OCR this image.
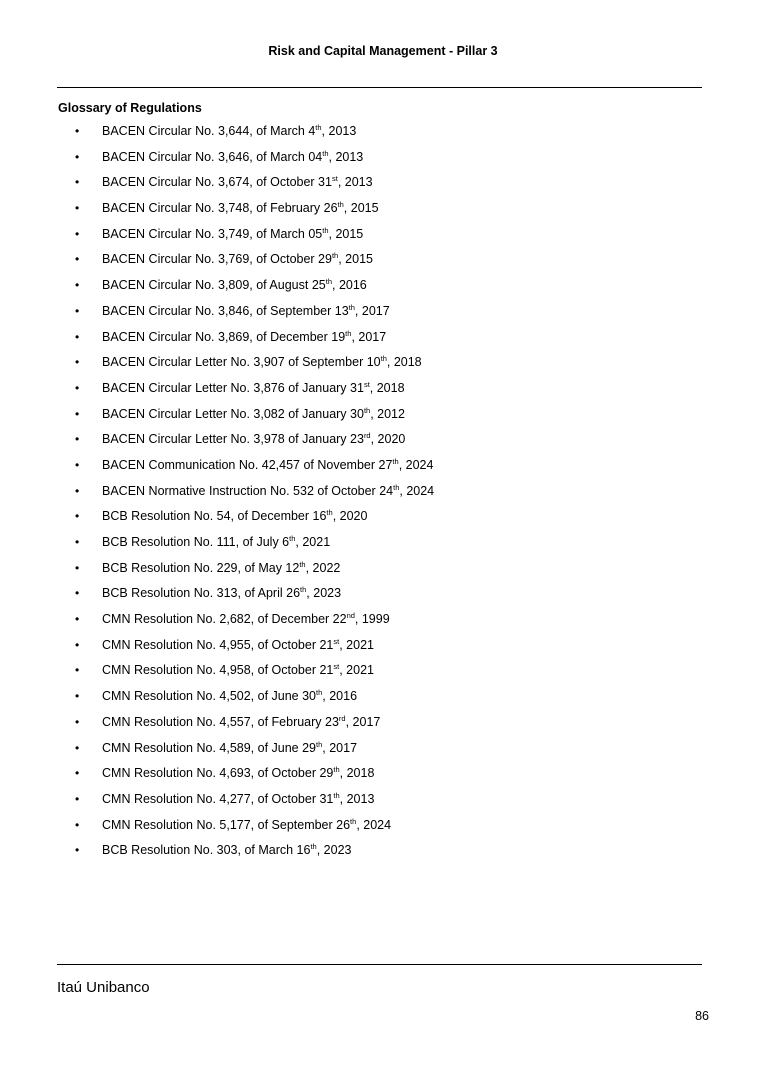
Risk and Capital Management - Pillar 3
Glossary of Regulations
• BACEN Circular No. 3,644, of March 4th, 2013
• BACEN Circular No. 3,646, of March 04th, 2013
• BACEN Circular No. 3,674, of October 31st, 2013
• BACEN Circular No. 3,748, of February 26th, 2015
• BACEN Circular No. 3,749, of March 05th, 2015
• BACEN Circular No. 3,769, of October 29th, 2015
• BACEN Circular No. 3,809, of August 25th, 2016
• BACEN Circular No. 3,846, of September 13th, 2017
• BACEN Circular No. 3,869, of December 19th, 2017
• BACEN Circular Letter No. 3,907 of September 10th, 2018
• BACEN Circular Letter No. 3,876 of January 31st, 2018
• BACEN Circular Letter No. 3,082 of January 30th, 2012
• BACEN Circular Letter No. 3,978 of January 23rd, 2020
• BACEN Communication No. 42,457 of November 27th, 2024
• BACEN Normative Instruction No. 532 of October 24th, 2024
• BCB Resolution No. 54, of December 16th, 2020
• BCB Resolution No. 111, of July 6th, 2021
• BCB Resolution No. 229, of May 12th, 2022
• BCB Resolution No. 313, of April 26th, 2023
• CMN Resolution No. 2,682, of December 22nd, 1999
• CMN Resolution No. 4,955, of October 21st, 2021
• CMN Resolution No. 4,958, of October 21st, 2021
• CMN Resolution No. 4,502, of June 30th, 2016
• CMN Resolution No. 4,557, of February 23rd, 2017
• CMN Resolution No. 4,589, of June 29th, 2017
• CMN Resolution No. 4,693, of October 29th, 2018
• CMN Resolution No. 4,277, of October 31th, 2013
• CMN Resolution No. 5,177, of September 26th, 2024
• BCB Resolution No. 303, of March 16th, 2023
Itaú Unibanco
86
